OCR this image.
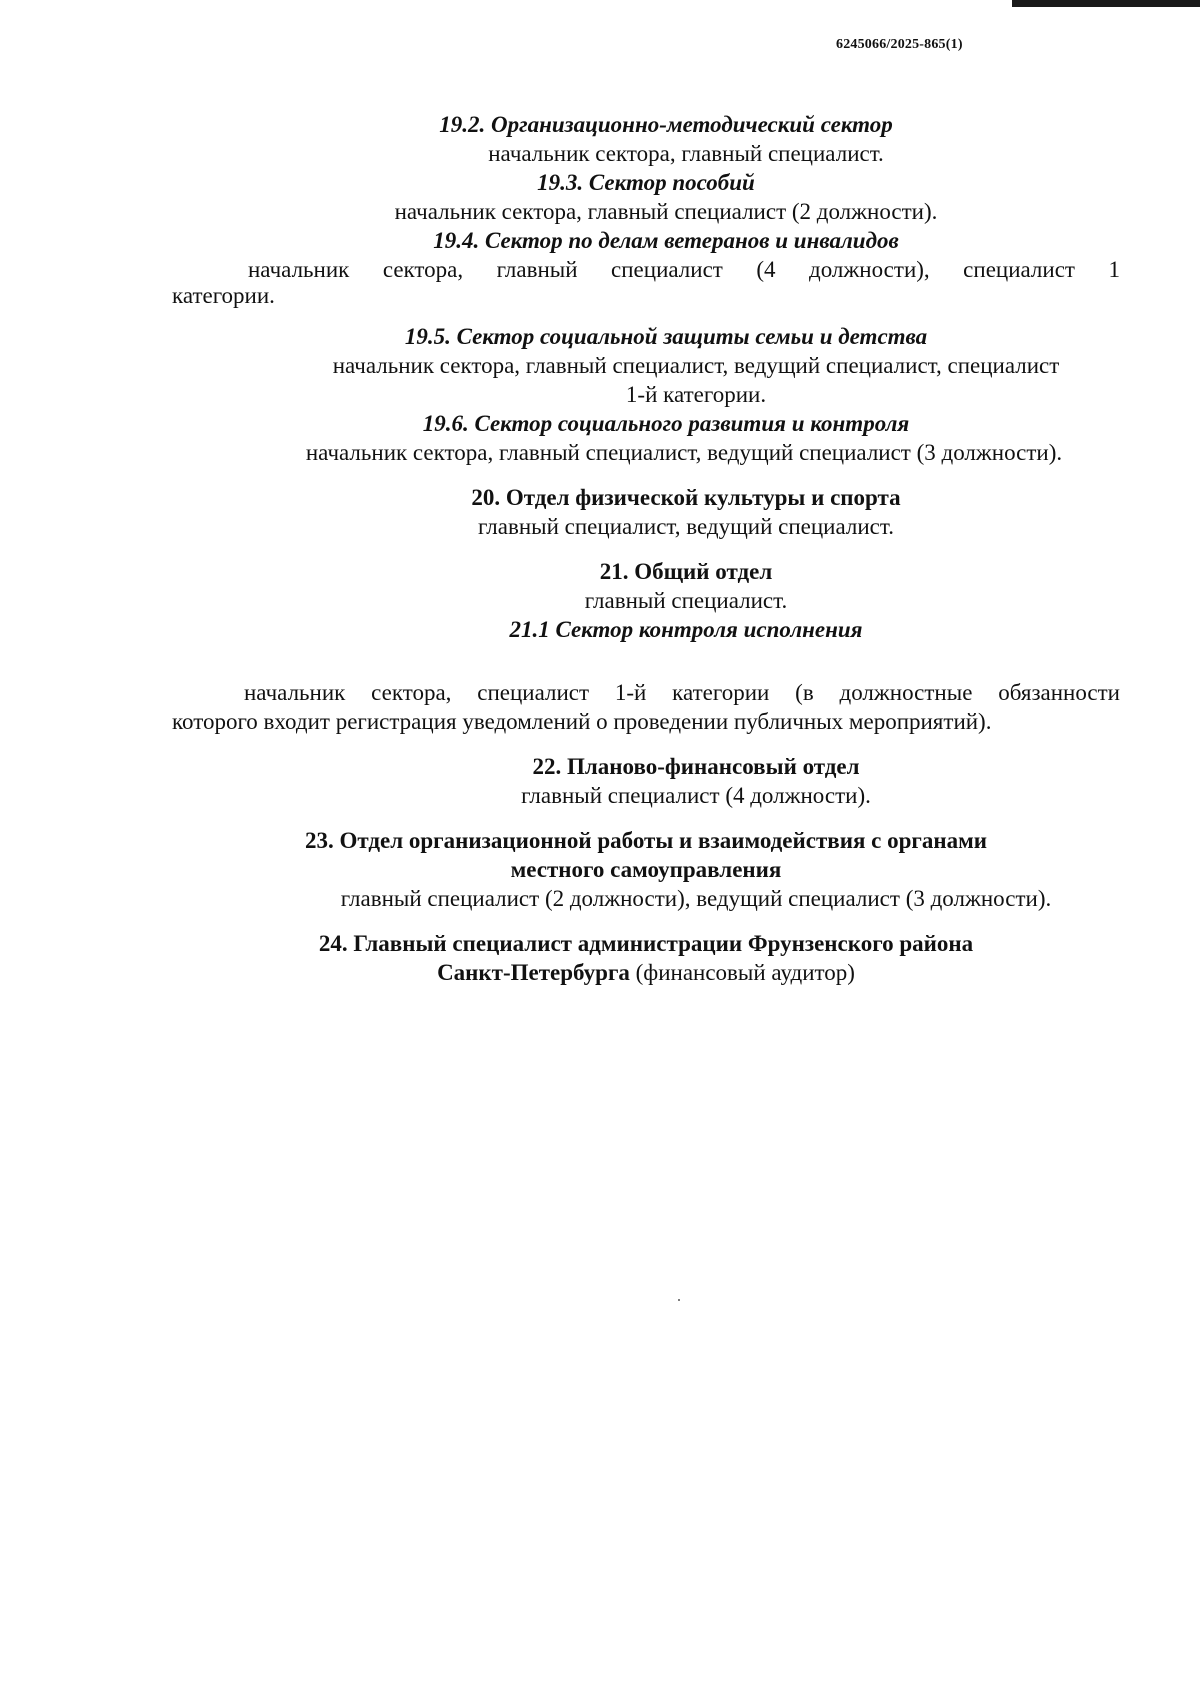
6245066/2025-865(1)
19.2. Организационно-методический сектор
начальник сектора, главный специалист.
19.3. Сектор пособий
начальник сектора, главный специалист (2 должности).
19.4. Сектор по делам ветеранов и инвалидов
начальник сектора, главный специалист (4 должности), специалист 1
категории.
19.5. Сектор социальной защиты семьи и детства
начальник сектора, главный специалист, ведущий специалист, специалист
1-й категории.
19.6. Сектор социального развития и контроля
начальник сектора, главный специалист, ведущий специалист (3 должности).
20. Отдел физической культуры и спорта
главный специалист, ведущий специалист.
21. Общий отдел
главный специалист.
21.1 Сектор контроля исполнения
начальник сектора, специалист 1-й категории (в должностные обязанности
которого входит регистрация уведомлений о проведении публичных мероприятий).
22. Планово-финансовый отдел
главный специалист (4 должности).
23. Отдел организационной работы и взаимодействия с органами
местного самоуправления
главный специалист (2 должности), ведущий специалист (3 должности).
24. Главный специалист администрации Фрунзенского района
Санкт-Петербурга (финансовый аудитор)
